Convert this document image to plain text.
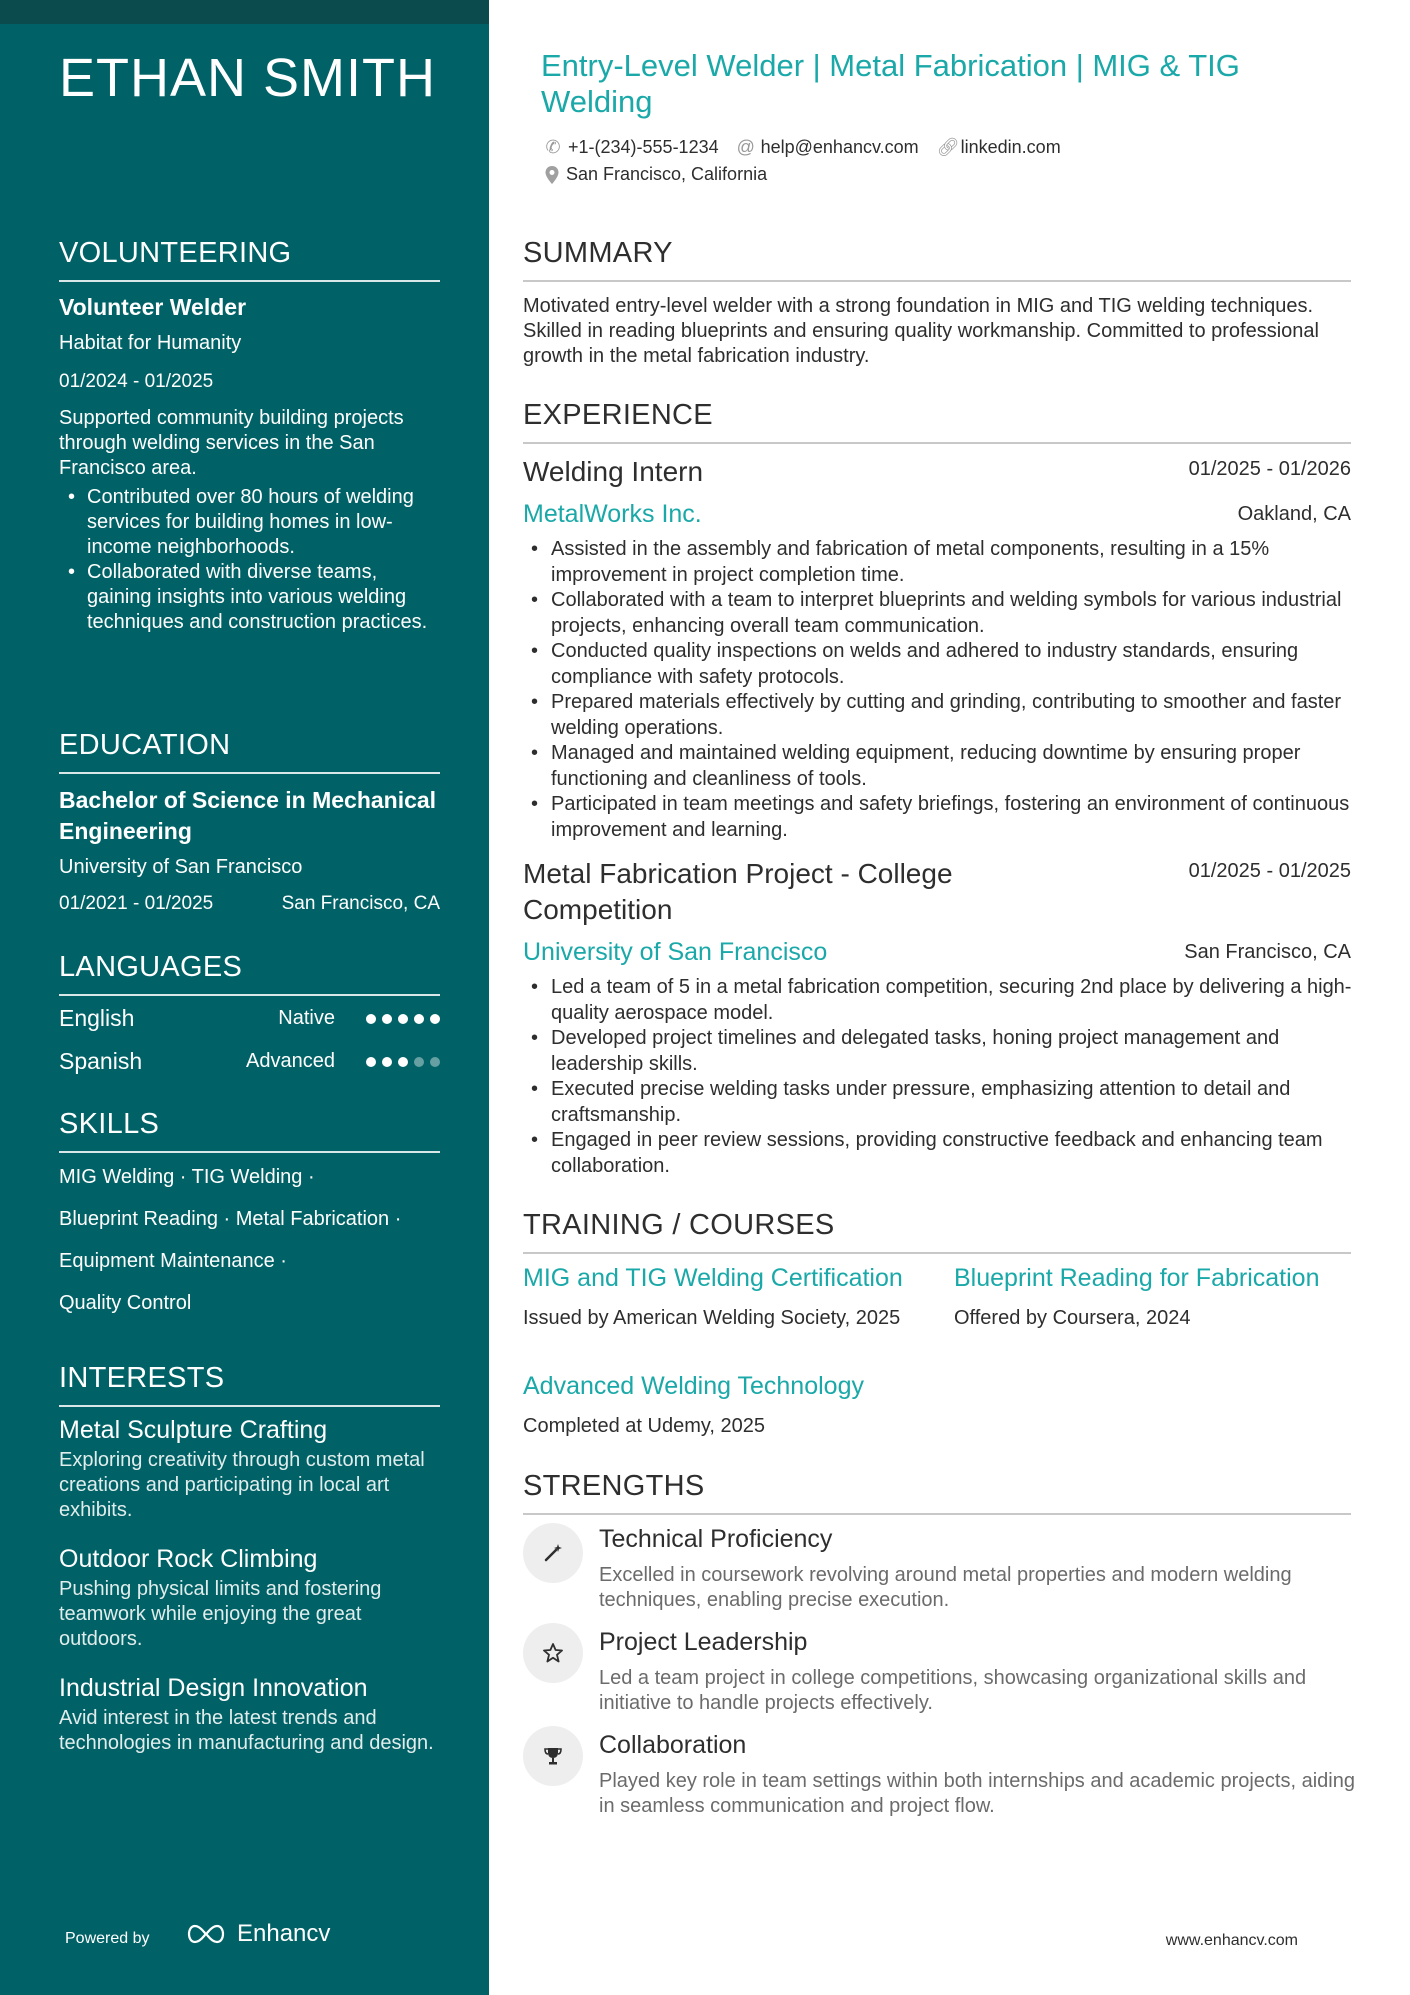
ETHAN SMITH
VOLUNTEERING
Volunteer Welder
Habitat for Humanity
01/2024 - 01/2025
Supported community building projects through welding services in the San Francisco area.
• Contributed over 80 hours of welding services for building homes in low-income neighborhoods.
• Collaborated with diverse teams, gaining insights into various welding techniques and construction practices.
EDUCATION
Bachelor of Science in Mechanical Engineering
University of San Francisco
01/2021 - 01/2025	San Francisco, CA
LANGUAGES
English	Native
Spanish	Advanced
SKILLS
MIG Welding · TIG Welding ·
Blueprint Reading · Metal Fabrication ·
Equipment Maintenance ·
Quality Control
INTERESTS
Metal Sculpture Crafting
Exploring creativity through custom metal creations and participating in local art exhibits.
Outdoor Rock Climbing
Pushing physical limits and fostering teamwork while enjoying the great outdoors.
Industrial Design Innovation
Avid interest in the latest trends and technologies in manufacturing and design.
Powered by	Enhancv
Entry-Level Welder | Metal Fabrication | MIG & TIG Welding
✆ +1-(234)-555-1234 @ help@enhancv.com 🔗︎ linkedin.com
San Francisco, California
SUMMARY
Motivated entry-level welder with a strong foundation in MIG and TIG welding techniques. Skilled in reading blueprints and ensuring quality workmanship. Committed to professional growth in the metal fabrication industry.
EXPERIENCE
Welding Intern	01/2025 - 01/2026
MetalWorks Inc.	Oakland, CA
• Assisted in the assembly and fabrication of metal components, resulting in a 15% improvement in project completion time.
• Collaborated with a team to interpret blueprints and welding symbols for various industrial projects, enhancing overall team communication.
• Conducted quality inspections on welds and adhered to industry standards, ensuring compliance with safety protocols.
• Prepared materials effectively by cutting and grinding, contributing to smoother and faster welding operations.
• Managed and maintained welding equipment, reducing downtime by ensuring proper functioning and cleanliness of tools.
• Participated in team meetings and safety briefings, fostering an environment of continuous improvement and learning.
Metal Fabrication Project - College Competition
01/2025 - 01/2025
University of San Francisco	San Francisco, CA
• Led a team of 5 in a metal fabrication competition, securing 2nd place by delivering a high-quality aerospace model.
• Developed project timelines and delegated tasks, honing project management and leadership skills.
• Executed precise welding tasks under pressure, emphasizing attention to detail and craftsmanship.
• Engaged in peer review sessions, providing constructive feedback and enhancing team collaboration.
TRAINING / COURSES
MIG and TIG Welding Certification
Issued by American Welding Society, 2025
Blueprint Reading for Fabrication
Offered by Coursera, 2024
Advanced Welding Technology
Completed at Udemy, 2025
STRENGTHS
Technical Proficiency
Excelled in coursework revolving around metal properties and modern welding techniques, enabling precise execution.
Project Leadership
Led a team project in college competitions, showcasing organizational skills and initiative to handle projects effectively.
Collaboration
Played key role in team settings within both internships and academic projects, aiding in seamless communication and project flow.
www.enhancv.com
